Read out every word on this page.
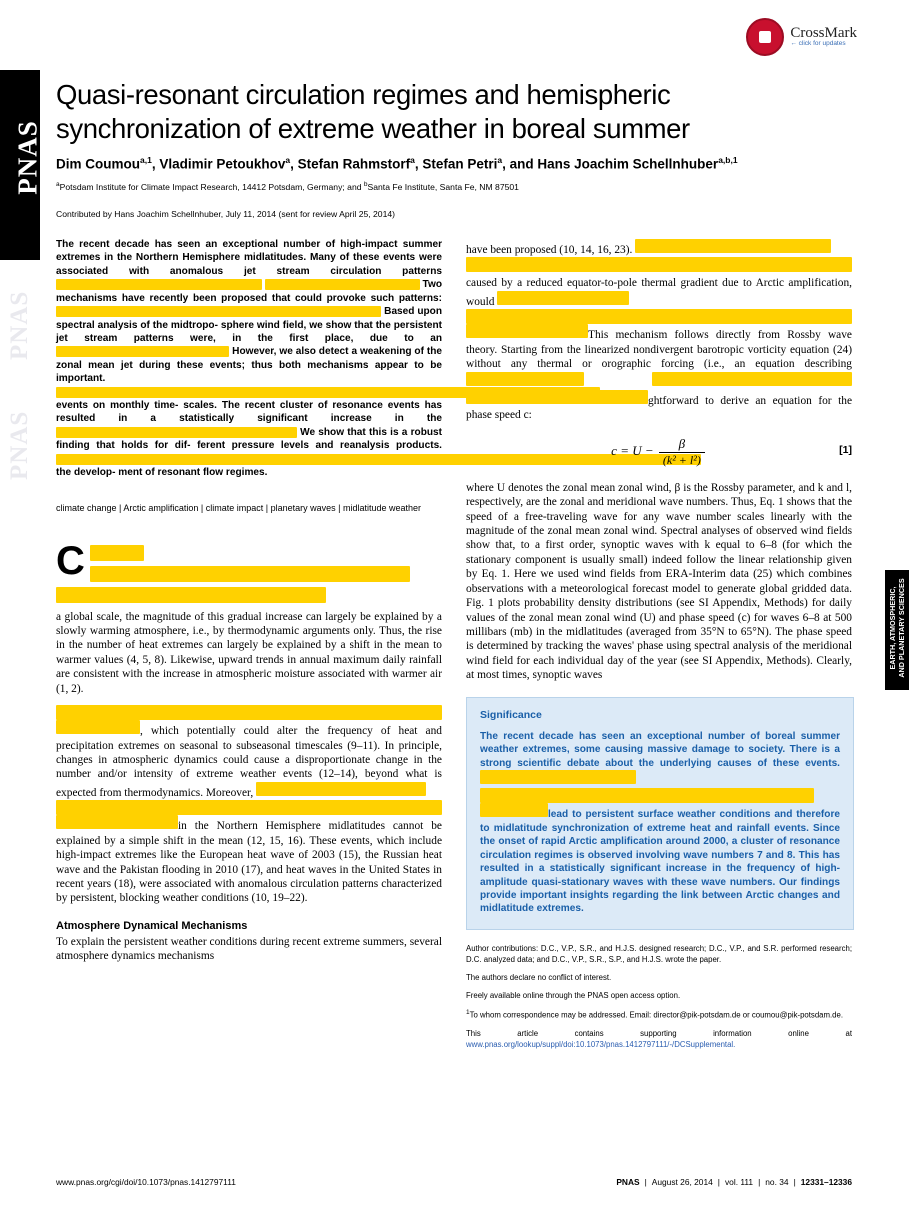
PNAS
PNAS
PNAS
CrossMark
← click for updates
Quasi-resonant circulation regimes and hemispheric synchronization of extreme weather in boreal summer
Dim Coumou$^{a,1}$, Vladimir Petoukhov$^a$, Stefan Rahmstorf$^a$, Stefan Petri$^a$, and Hans Joachim Schellnhuber$^{a,b,1}$
$^a$Potsdam Institute for Climate Impact Research, 14412 Potsdam, Germany; and $^b$Santa Fe Institute, Santa Fe, NM 87501
Contributed by Hans Joachim Schellnhuber, July 11, 2014 (sent for review April 25, 2014)
The recent decade has seen an exceptional number of high-impact summer extremes in the Northern Hemisphere midlatitudes. Many of these events were associated with anomalous jet stream circulation patterns                                                                                                                          Two mechanisms have recently been proposed that could provoke such patterns:                                                                                                                   Based upon spectral analysis of the midtropo- sphere wind field, we show that the persistent jet stream patterns were, in the first place, due to an                                                              However, we also detect a weakening of the zonal mean jet during these events; thus both mechanisms appear to be important.                                                                                                                                                                                                    events on monthly time- scales. The recent cluster of resonance events has resulted in a statistically significant increase in the                                                                             We show that this is a robust finding that holds for dif- ferent pressure levels and reanalysis products.                                                                                                                                                                                                                                        the develop- ment of resonant flow regimes.
climate change | Arctic amplification | climate impact | planetary waves | midlatitude weather
C

a global scale, the magnitude of this gradual increase can largely be explained by a slowly warming atmosphere, i.e., by thermodynamic arguments only. Thus, the rise in the number of heat extremes can largely be explained by a shift in the mean to warmer values (4, 5, 8). Likewise, upward trends in annual maximum daily rainfall are consistent with the increase in atmospheric moisture associated with warmer air (1, 2).

, which potentially could alter the frequency of heat and precipitation extremes on seasonal to subseasonal timescales (9–11). In principle, changes in atmospheric dynamics could cause a disproportionate change in the number and/or intensity of extreme weather events (12–14), beyond what is expected from thermodynamics. Moreover,
in the Northern Hemisphere midlatitudes cannot be explained by a simple shift in the mean (12, 15, 16). These events, which include high-impact extremes like the European heat wave of 2003 (15), the Russian heat wave and the Pakistan flooding in 2010 (17), and heat waves in the United States in recent years (18), were associated with anomalous circulation patterns characterized by persistent, blocking weather conditions (10, 19–22).

Atmosphere Dynamical Mechanisms

To explain the persistent weather conditions during recent extreme summers, several atmosphere dynamics mechanisms

have been proposed (10, 14, 16, 23).

caused by a reduced equator-to-pole thermal gradient due to Arctic amplification, would
This mechanism follows directly from Rossby wave theory. Starting from the linearized nondivergent barotropic vorticity equation (24) without any thermal or orographic forcing (i.e., an equation describing   ghtforward to derive an equation for the phase speed c:

$c = U - \frac{\beta}{\text{(k² + l²)}}$	[1]

where U denotes the zonal mean zonal wind, β is the Rossby parameter, and k and l, respectively, are the zonal and meridional wave numbers. Thus, Eq. 1 shows that the speed of a free-traveling wave for any wave number scales linearly with the magnitude of the zonal mean zonal wind. Spectral analyses of observed wind fields show that, to a first order, synoptic waves with k equal to 6–8 (for which the stationary component is usually small) indeed follow the linear relationship given by Eq. 1. Here we used wind fields from ERA-Interim data (25) which combines observations with a meteorological forecast model to generate global gridded data. Fig. 1 plots probability density distributions (see SI Appendix, Methods) for daily values of the zonal mean zonal wind (U) and phase speed (c) for waves 6–8 at 500 millibars (mb) in the midlatitudes (averaged from 35°N to 65°N). The phase speed is determined by tracking the waves' phase using spectral analysis of the meridional wind field for each individual day of the year (see SI Appendix, Methods). Clearly, at most times, synoptic waves

Significance

The recent decade has seen an exceptional number of boreal summer weather extremes, some causing massive damage to society. There is a strong scientific debate about the underlying causes of these events.
lead to persistent surface weather conditions and therefore to midlatitude synchronization of extreme heat and rainfall events. Since the onset of rapid Arctic amplification around 2000, a cluster of resonance circulation regimes is observed involving wave numbers 7 and 8. This has resulted in a statistically significant increase in the frequency of high-amplitude quasi-stationary waves with these wave numbers. Our findings provide important insights regarding the link between Arctic changes and midlatitude extremes.

Author contributions: D.C., V.P., S.R., and H.J.S. designed research; D.C., V.P., and S.R. performed research; D.C. analyzed data; and D.C., V.P., S.R., S.P., and H.J.S. wrote the paper.

The authors declare no conflict of interest.

Freely available online through the PNAS open access option.

$^1$To whom correspondence may be addressed. Email: director@pik-potsdam.de or coumou@pik-potsdam.de.

This article contains supporting information online at www.pnas.org/lookup/suppl/doi:10.1073/pnas.1412797111/-/DCSupplemental.

EARTH, ATMOSPHERIC,
AND PLANETARY SCIENCES
www.pnas.org/cgi/doi/10.1073/pnas.1412797111	PNAS | August 26, 2014 | vol. 111 | no. 34 | 12331–12336
